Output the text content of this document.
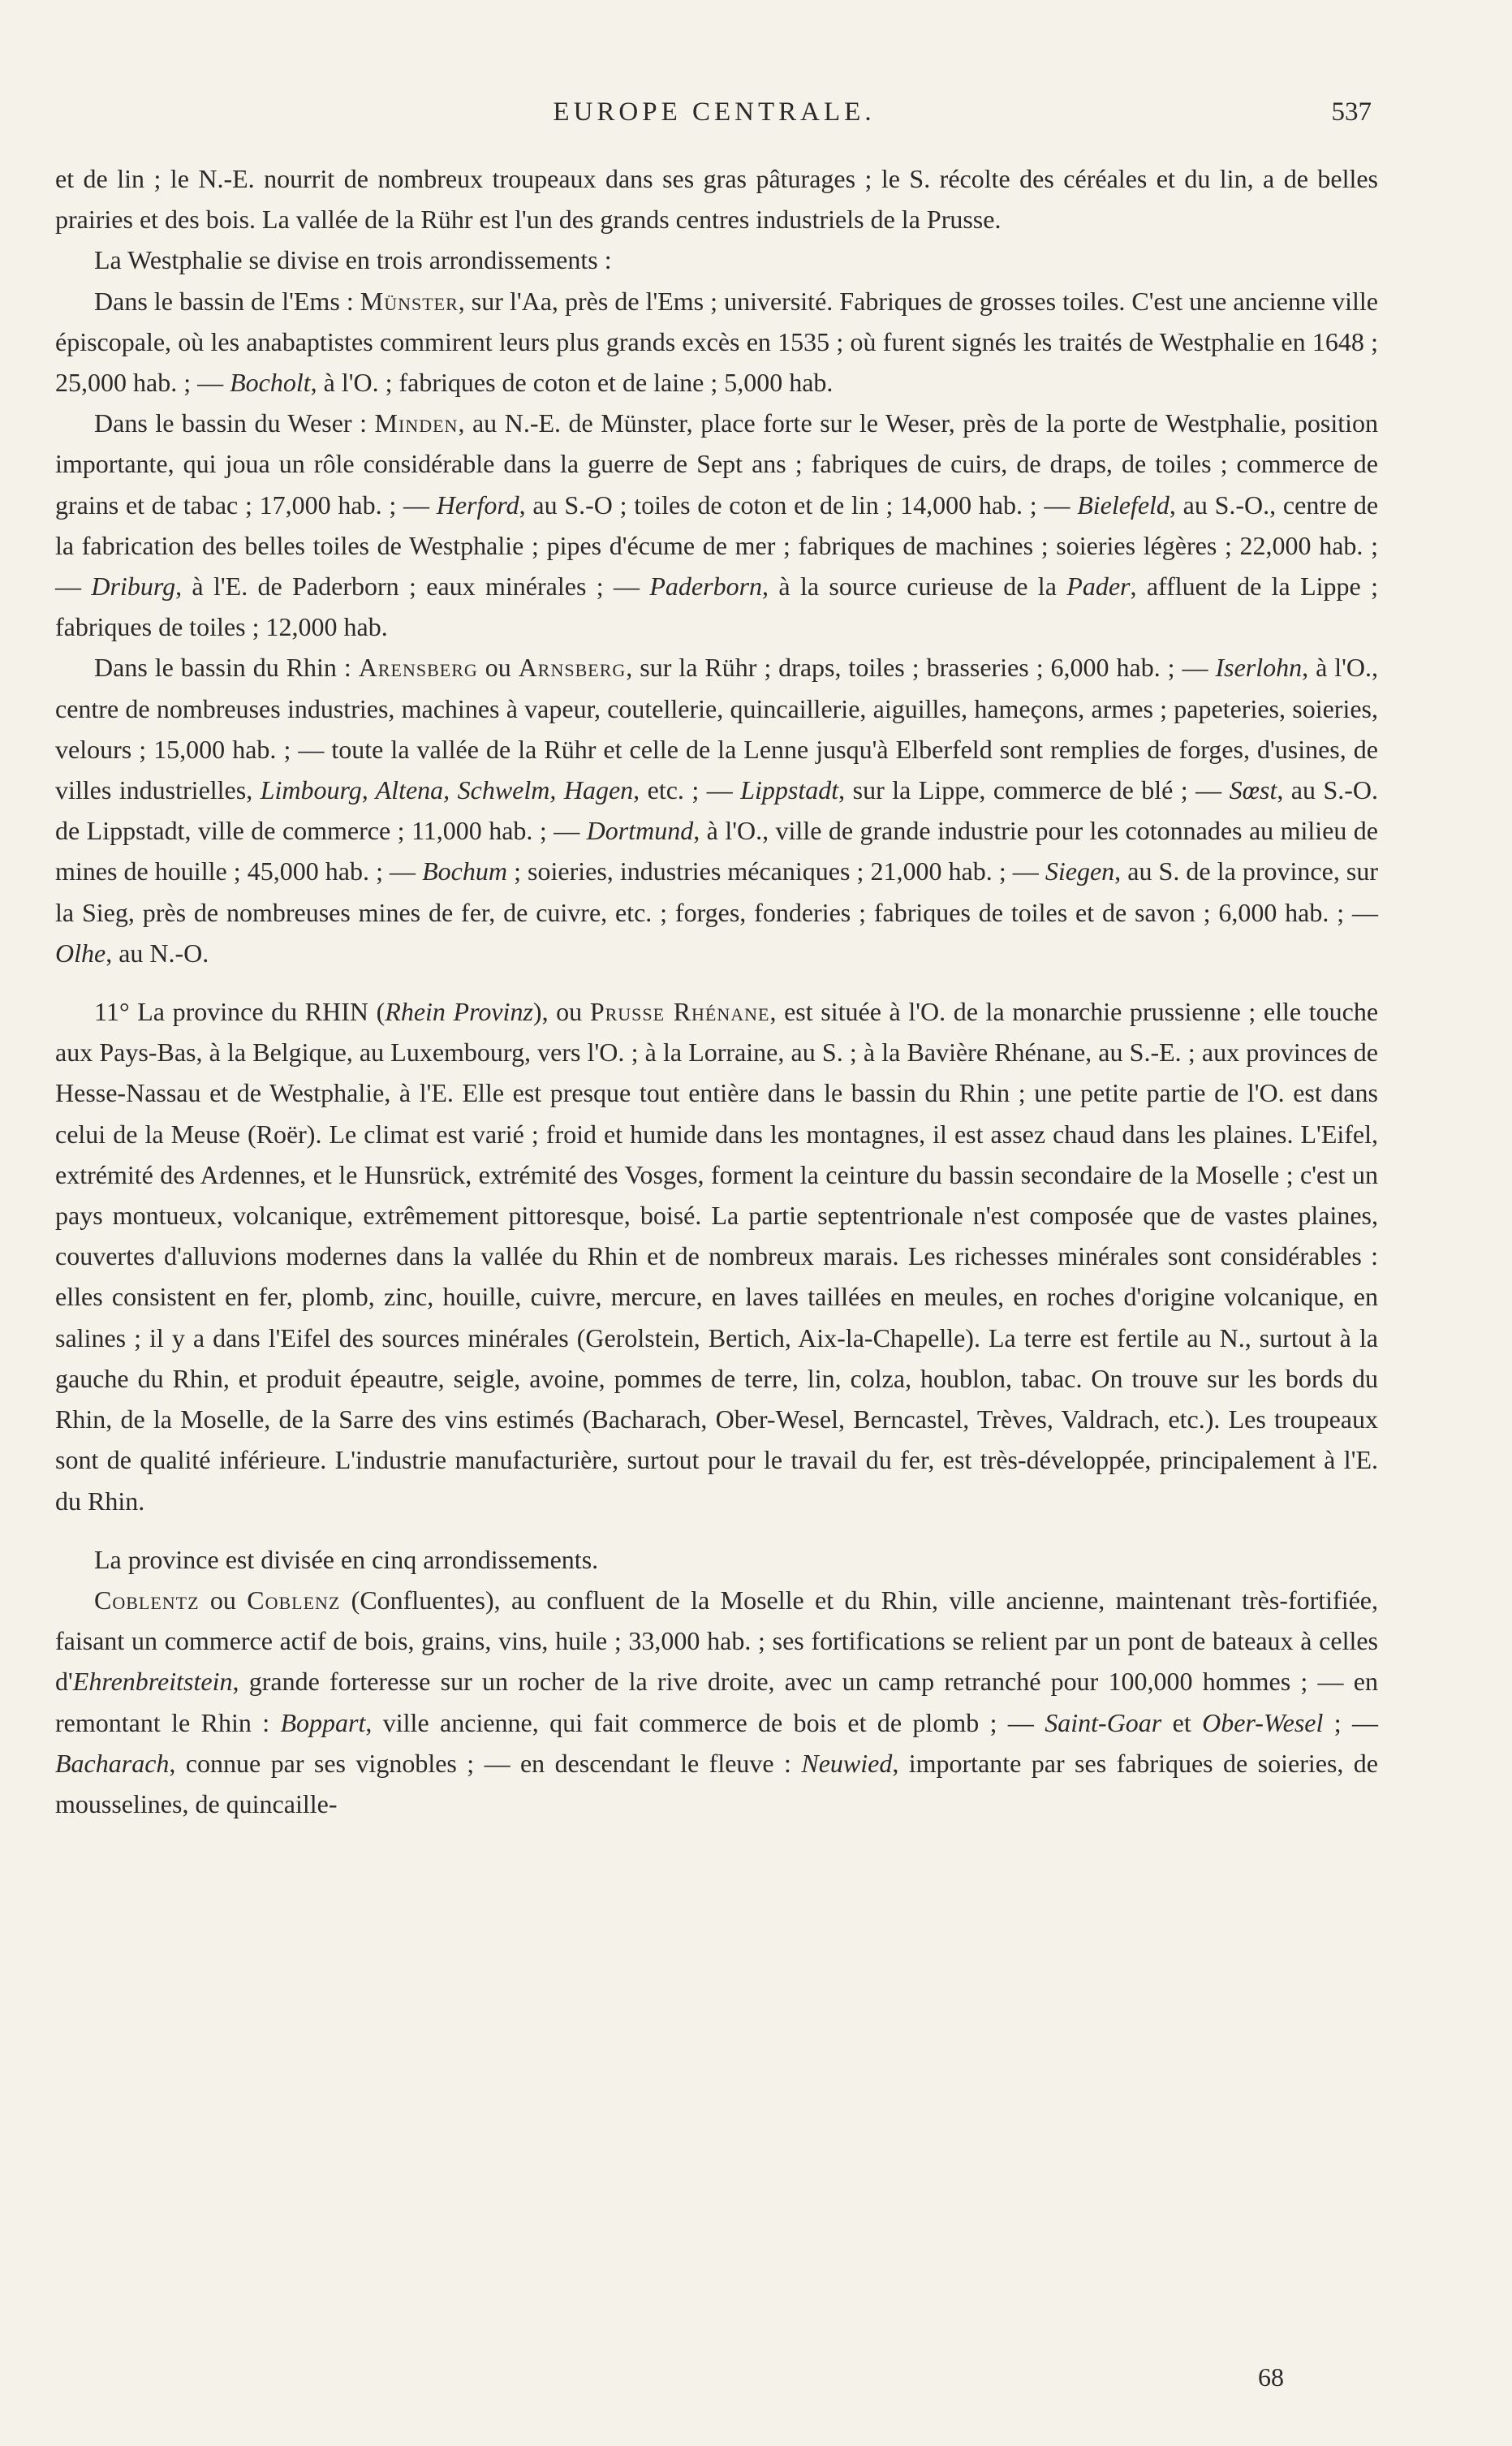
EUROPE CENTRALE.	537

et de lin ; le N.-E. nourrit de nombreux troupeaux dans ses gras pâturages ; le S. récolte des céréales et du lin, a de belles prairies et des bois. La vallée de la Rühr est l'un des grands centres industriels de la Prusse.

La Westphalie se divise en trois arrondissements :

Dans le bassin de l'Ems : Münster, sur l'Aa, près de l'Ems ; université. Fabriques de grosses toiles. C'est une ancienne ville épiscopale, où les anabaptistes commirent leurs plus grands excès en 1535 ; où furent signés les traités de Westphalie en 1648 ; 25,000 hab. ; — Bocholt, à l'O. ; fabriques de coton et de laine ; 5,000 hab.

Dans le bassin du Weser : Minden, au N.-E. de Münster, place forte sur le Weser, près de la porte de Westphalie, position importante, qui joua un rôle considérable dans la guerre de Sept ans ; fabriques de cuirs, de draps, de toiles ; commerce de grains et de tabac ; 17,000 hab. ; — Herford, au S.-O ; toiles de coton et de lin ; 14,000 hab. ; — Bielefeld, au S.-O., centre de la fabrication des belles toiles de Westphalie ; pipes d'écume de mer ; fabriques de machines ; soieries légères ; 22,000 hab. ; — Driburg, à l'E. de Paderborn ; eaux minérales ; — Paderborn, à la source curieuse de la Pader, affluent de la Lippe ; fabriques de toiles ; 12,000 hab.

Dans le bassin du Rhin : Arensberg ou Arnsberg, sur la Rühr ; draps, toiles ; brasseries ; 6,000 hab. ; — Iserlohn, à l'O., centre de nombreuses industries, machines à vapeur, coutellerie, quincaillerie, aiguilles, hameçons, armes ; papeteries, soieries, velours ; 15,000 hab. ; — toute la vallée de la Rühr et celle de la Lenne jusqu'à Elberfeld sont remplies de forges, d'usines, de villes industrielles, Limbourg, Altena, Schwelm, Hagen, etc. ; — Lippstadt, sur la Lippe, commerce de blé ; — Sœst, au S.-O. de Lippstadt, ville de commerce ; 11,000 hab. ; — Dortmund, à l'O., ville de grande industrie pour les cotonnades au milieu de mines de houille ; 45,000 hab. ; — Bochum ; soieries, industries mécaniques ; 21,000 hab. ; — Siegen, au S. de la province, sur la Sieg, près de nombreuses mines de fer, de cuivre, etc. ; forges, fonderies ; fabriques de toiles et de savon ; 6,000 hab. ; — Olhe, au N.-O.

11° La province du RHIN (Rhein Provinz), ou Prusse Rhénane, est située à l'O. de la monarchie prussienne ; elle touche aux Pays-Bas, à la Belgique, au Luxembourg, vers l'O. ; à la Lorraine, au S. ; à la Bavière Rhénane, au S.-E. ; aux provinces de Hesse-Nassau et de Westphalie, à l'E. Elle est presque tout entière dans le bassin du Rhin ; une petite partie de l'O. est dans celui de la Meuse (Roër). Le climat est varié ; froid et humide dans les montagnes, il est assez chaud dans les plaines. L'Eifel, extrémité des Ardennes, et le Hunsrück, extrémité des Vosges, forment la ceinture du bassin secondaire de la Moselle ; c'est un pays montueux, volcanique, extrêmement pittoresque, boisé. La partie septentrionale n'est composée que de vastes plaines, couvertes d'alluvions modernes dans la vallée du Rhin et de nombreux marais. Les richesses minérales sont considérables : elles consistent en fer, plomb, zinc, houille, cuivre, mercure, en laves taillées en meules, en roches d'origine volcanique, en salines ; il y a dans l'Eifel des sources minérales (Gerolstein, Bertich, Aix-la-Chapelle). La terre est fertile au N., surtout à la gauche du Rhin, et produit épeautre, seigle, avoine, pommes de terre, lin, colza, houblon, tabac. On trouve sur les bords du Rhin, de la Moselle, de la Sarre des vins estimés (Bacharach, Ober-Wesel, Berncastel, Trèves, Valdrach, etc.). Les troupeaux sont de qualité inférieure. L'industrie manufacturière, surtout pour le travail du fer, est très-développée, principalement à l'E. du Rhin.

La province est divisée en cinq arrondissements.

Coblentz ou Coblenz (Confluentes), au confluent de la Moselle et du Rhin, ville ancienne, maintenant très-fortifiée, faisant un commerce actif de bois, grains, vins, huile ; 33,000 hab. ; ses fortifications se relient par un pont de bateaux à celles d'Ehrenbreitstein, grande forteresse sur un rocher de la rive droite, avec un camp retranché pour 100,000 hommes ; — en remontant le Rhin : Boppart, ville ancienne, qui fait commerce de bois et de plomb ; — Saint-Goar et Ober-Wesel ; — Bacharach, connue par ses vignobles ; — en descendant le fleuve : Neuwied, importante par ses fabriques de soieries, de mousselines, de quincaille-

68
